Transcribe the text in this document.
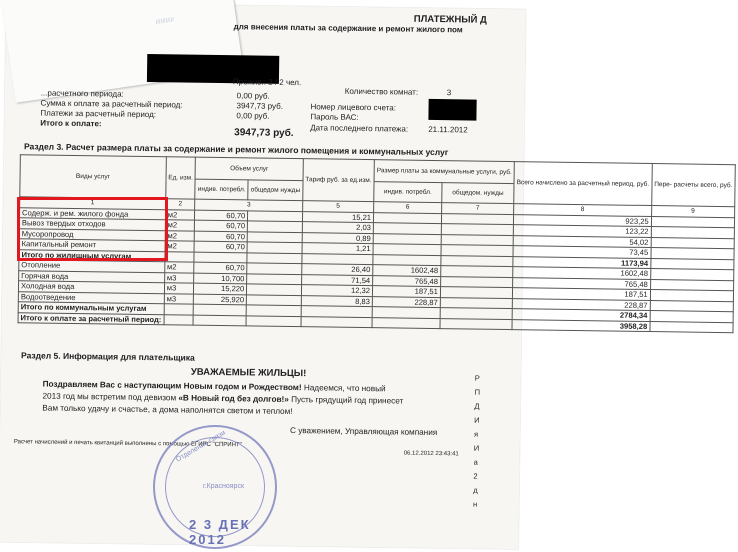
///////////	ПЛАТЕЖНЫЙ Д
для внесения платы за содержание и ремонт жилого пом
Прожив.: 2 / 2 чел.
Количество комнат:	3
...расчетного периода:	0,00 руб.
Сумма к оплате за расчетный период:	3947,73 руб.
Платежи за расчетный период:	0,00 руб.
Итого к оплате:
3947,73 руб.
Номер лицевого счета:
Пароль ВАС:
Дата последнего платежа:	21.11.2012
Раздел 3. Расчет размера платы за содержание и ремонт жилого помещения и коммунальных услуг
Виды услуг	Ед. изм.	Объем услуг		Тариф руб. за ед.изм.	Размер платы за коммунальные услуги, руб.		Всего начислено за расчетный период, руб.	Пере- расчеты всего, руб.
		индив. потребл.	общедом нужды		индив. потребл.	общедом. нужды		
1	2	3		5	6	7	8	9
Содерж. и рем. жилого фонда	м2	60,70		15,21			923,25	
Вывоз твердых отходов	м2	60,70		2,03			123,22	
Мусоропровод	м2	60,70		0,89			54,02	
Капитальный ремонт	м2	60,70		1,21			73,45	
Итого по жилищным услугам							1173,94	
Отопление	м2	60,70		26,40	1602,48		1602,48	
Горячая вода	м3	10,700		71,54	765,48		765,48	
Холодная вода	м3	15,220		12,32	187,51		187,51	
Водоотведение	м3	25,920		8,83	228,87		228,87	
Итого по коммунальным услугам							2784,34	
Итого к оплате за расчетный период:							3958,28	
Раздел 5. Информация для плательщика
УВАЖАЕМЫЕ ЖИЛЬЦЫ!
Поздравляем Вас с наступающим Новым годом и Рождеством! Надеемся, что новый
2013 год мы встретим под девизом «В Новый год без долгов!» Пусть грядущий год принесет
Вам только удачу и счастье, а дома наполнятся светом и теплом!
С уважением, Управляющая компания
Расчет начислений и печать квитанций выполнены с помощью ЕГИРС "СПРИНТ"
06.12.2012 23:43:41
Р
П
Д
И
я
И
а
2
д
н
Отделение связи
г.Красноярск
2 3 ДЕК 2012
